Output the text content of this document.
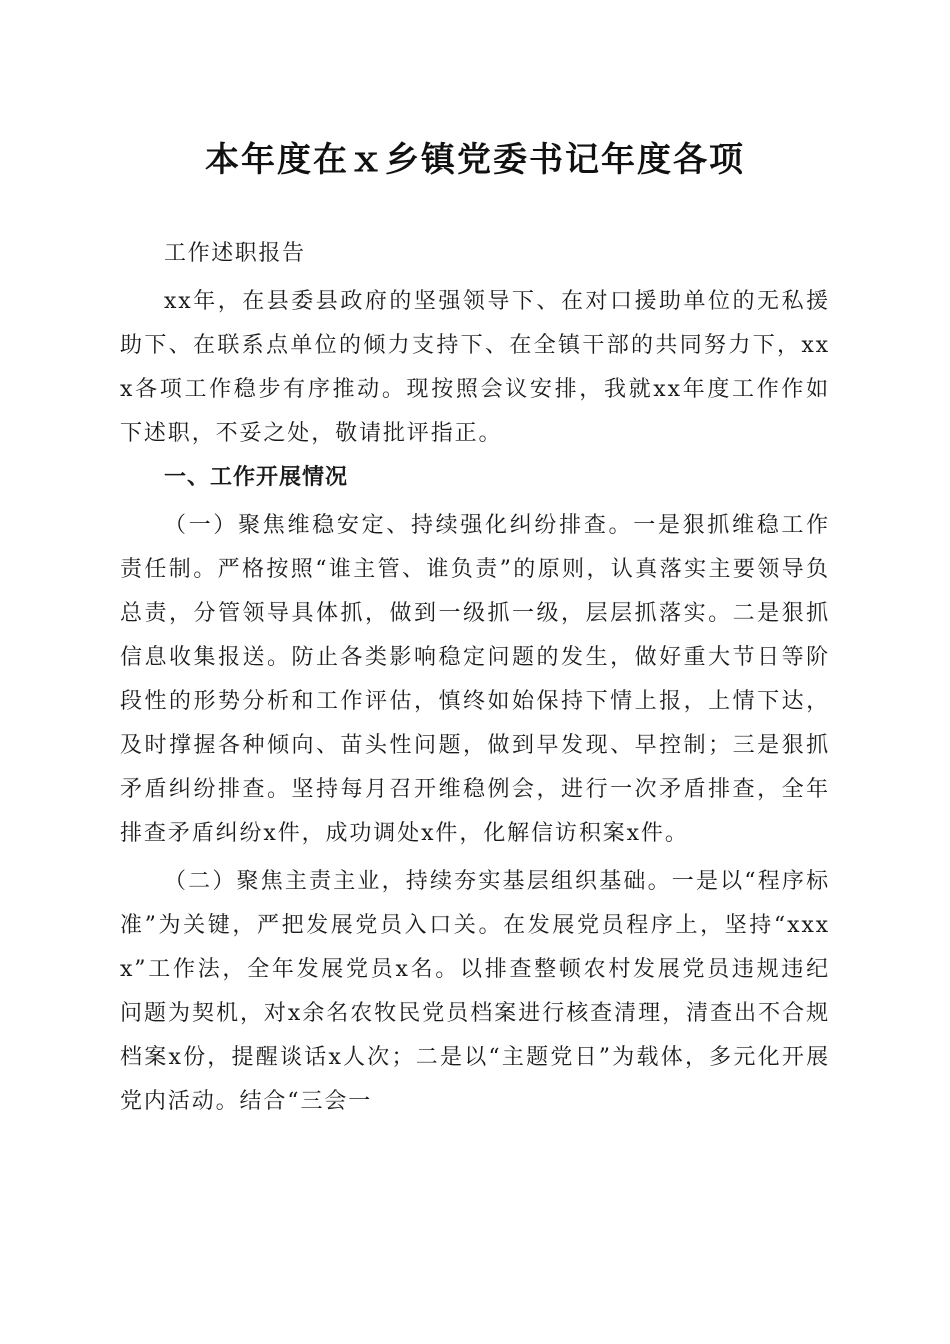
本年度在ｘ乡镇党委书记年度各项

工作述职报告

xx年，在县委县政府的坚强领导下、在对口援助单位的无私援助下、在联系点单位的倾力支持下、在全镇干部的共同努力下，xxx各项工作稳步有序推动。现按照会议安排，我就xx年度工作作如下述职，不妥之处，敬请批评指正。

一、工作开展情况

（一）聚焦维稳安定、持续强化纠纷排查。一是狠抓维稳工作责任制。严格按照“谁主管、谁负责”的原则，认真落实主要领导负总责，分管领导具体抓，做到一级抓一级，层层抓落实。二是狠抓信息收集报送。防止各类影响稳定问题的发生，做好重大节日等阶段性的形势分析和工作评估，慎终如始保持下情上报，上情下达，及时撑握各种倾向、苗头性问题，做到早发现、早控制；三是狠抓矛盾纠纷排查。坚持每月召开维稳例会，进行一次矛盾排查，全年排查矛盾纠纷x件，成功调处x件，化解信访积案x件。

（二）聚焦主责主业，持续夯实基层组织基础。一是以“程序标准”为关键，严把发展党员入口关。在发展党员程序上，坚持“xxxx”工作法，全年发展党员x名。以排查整顿农村发展党员违规违纪问题为契机，对x余名农牧民党员档案进行核查清理，清查出不合规档案x份，提醒谈话x人次；二是以“主题党日”为载体，多元化开展党内活动。结合“三会一
